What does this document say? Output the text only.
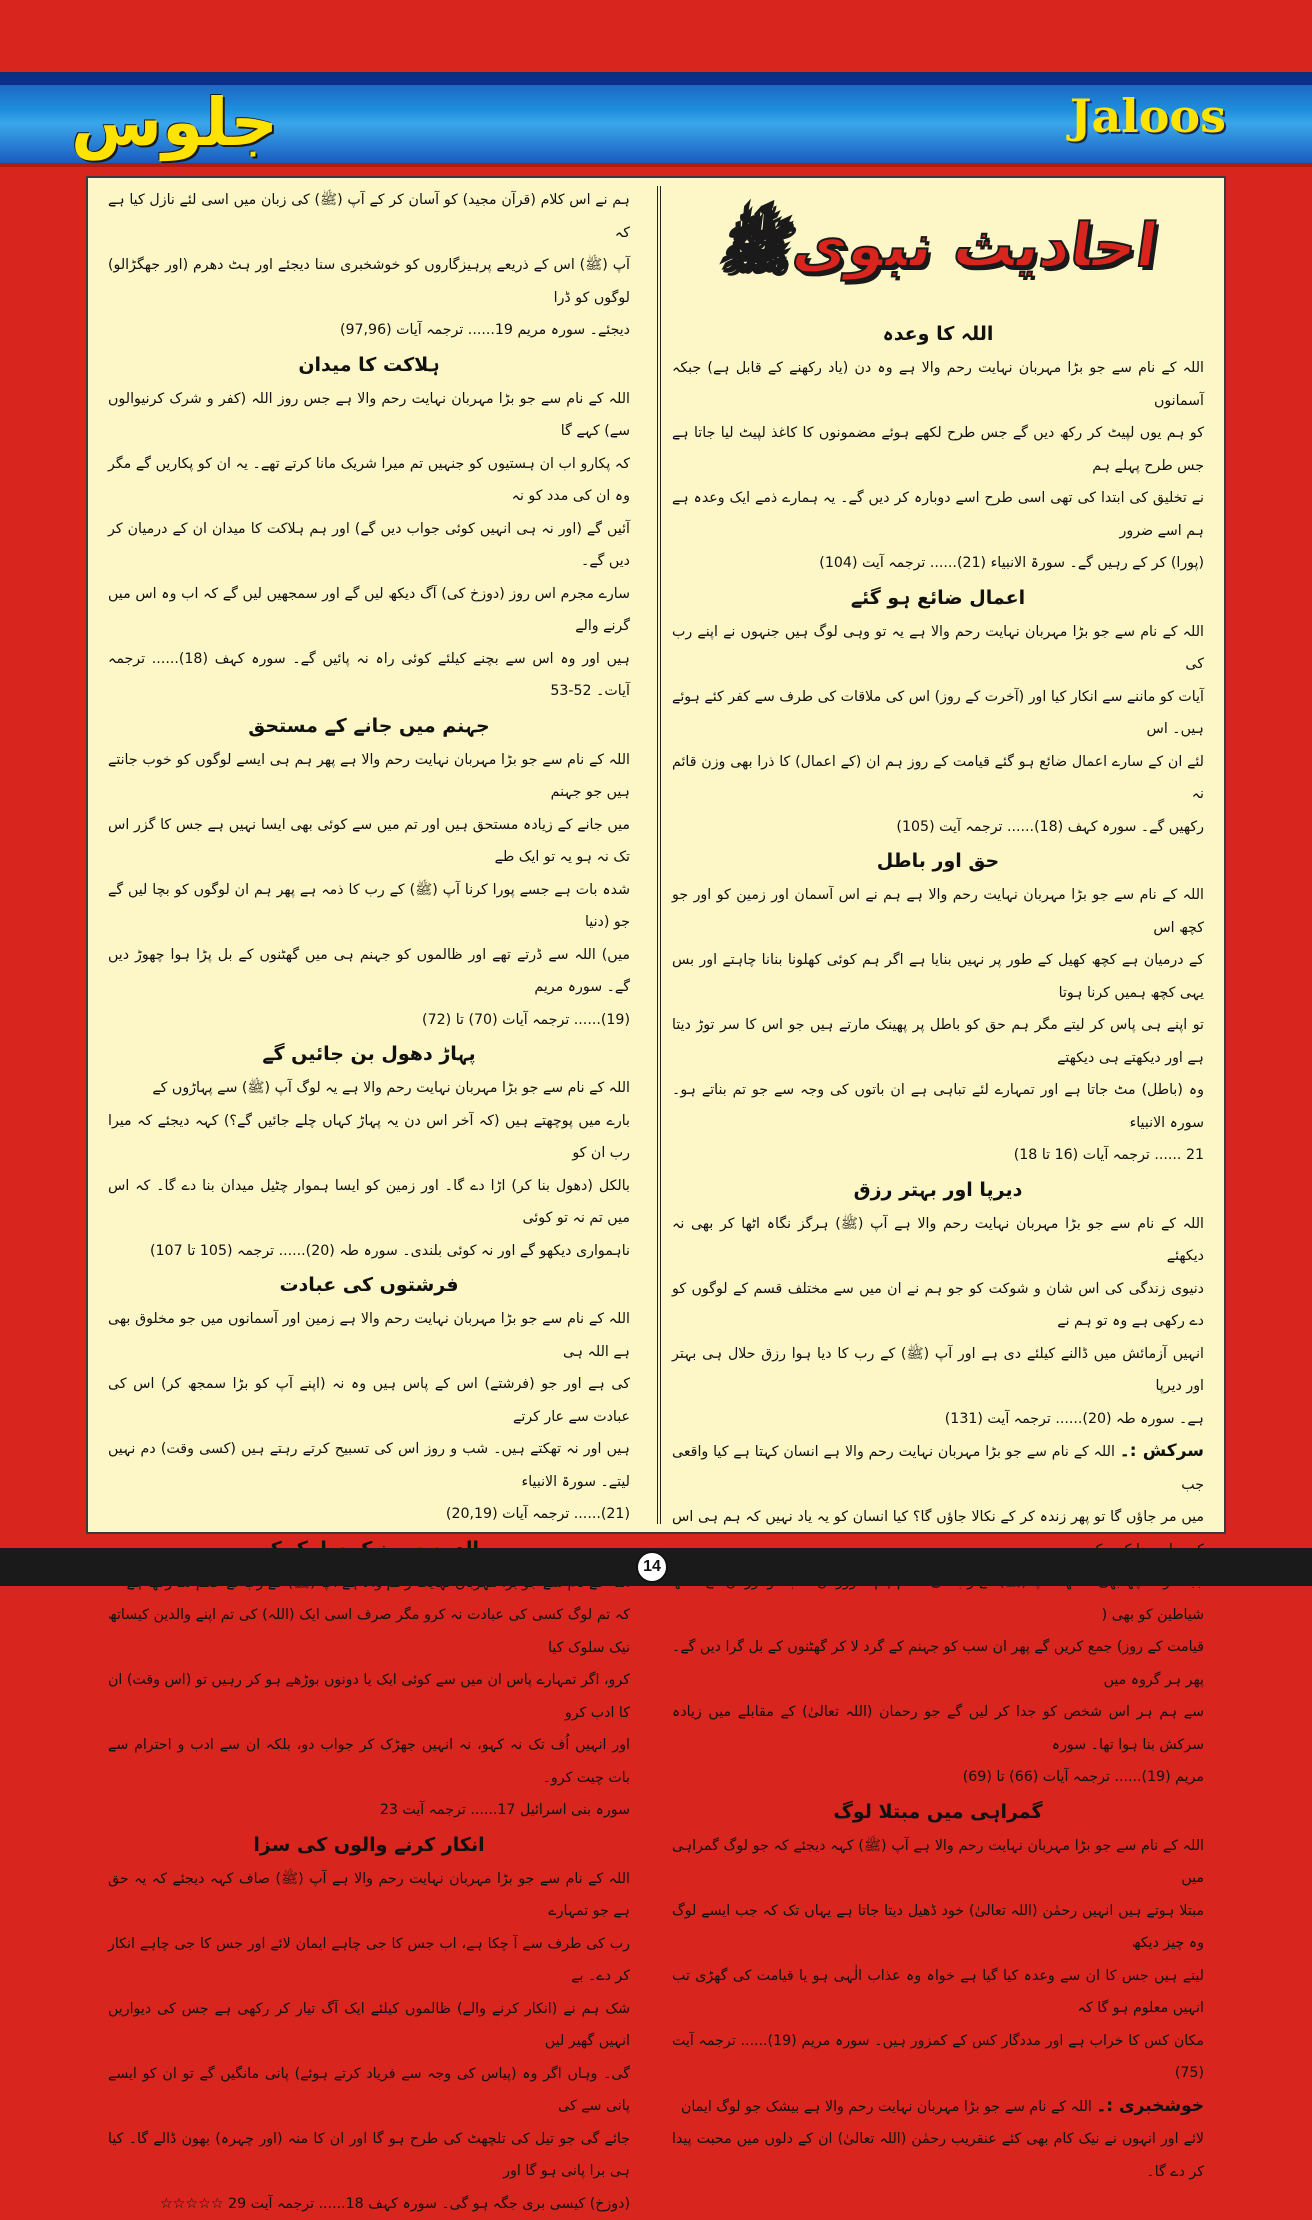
جلوس	Jaloos
احادیث نبویﷺ
اللہ کا وعدہ
اللہ کے نام سے جو بڑا مہربان نہایت رحم والا ہے وہ دن (یاد رکھنے کے قابل ہے) جبکہ آسمانوں
کو ہم یوں لپیٹ کر رکھ دیں گے جس طرح لکھے ہوئے مضمونوں کا کاغذ لپیٹ لیا جاتا ہے جس طرح پہلے ہم
نے تخلیق کی ابتدا کی تھی اسی طرح اسے دوبارہ کر دیں گے۔ یہ ہمارے ذمے ایک وعدہ ہے ہم اسے ضرور
(پورا) کر کے رہیں گے۔ سورۃ الانبیاء (21)...... ترجمہ آیت (104)
اعمال ضائع ہو گئے
اللہ کے نام سے جو بڑا مہربان نہایت رحم والا ہے یہ تو وہی لوگ ہیں جنہوں نے اپنے رب کی
آیات کو ماننے سے انکار کیا اور (آخرت کے روز) اس کی ملاقات کی طرف سے کفر کئے ہوئے ہیں۔ اس
لئے ان کے سارے اعمال ضائع ہو گئے قیامت کے روز ہم ان (کے اعمال) کا ذرا بھی وزن قائم نہ
رکھیں گے۔ سورہ کہف (18)...... ترجمہ آیت (105)
حق اور باطل
اللہ کے نام سے جو بڑا مہربان نہایت رحم والا ہے ہم نے اس آسمان اور زمین کو اور جو کچھ اس
کے درمیان ہے کچھ کھیل کے طور پر نہیں بنایا ہے اگر ہم کوئی کھلونا بنانا چاہتے اور بس یہی کچھ ہمیں کرنا ہوتا
تو اپنے ہی پاس کر لیتے مگر ہم حق کو باطل پر پھینک مارتے ہیں جو اس کا سر توڑ دیتا ہے اور دیکھتے ہی دیکھتے
وہ (باطل) مٹ جاتا ہے اور تمہارے لئے تباہی ہے ان باتوں کی وجہ سے جو تم بناتے ہو۔ سورہ الانبیاء
21 ...... ترجمہ آیات (16 تا 18)
دیرپا اور بہتر رزق
اللہ کے نام سے جو بڑا مہربان نہایت رحم والا ہے آپ (ﷺ) ہرگز نگاہ اٹھا کر بھی نہ دیکھئے
دنیوی زندگی کی اس شان و شوکت کو جو ہم نے ان میں سے مختلف قسم کے لوگوں کو دے رکھی ہے وہ تو ہم نے
انہیں آزمائش میں ڈالنے کیلئے دی ہے اور آپ (ﷺ) کے رب کا دیا ہوا رزق حلال ہی بہتر اور دیرپا
ہے۔ سورہ طہ (20)...... ترجمہ آیت (131)
سرکش :۔ اللہ کے نام سے جو بڑا مہربان نہایت رحم والا ہے انسان کہتا ہے کیا واقعی جب
میں مر جاؤں گا تو پھر زندہ کر کے نکالا جاؤں گا؟ کیا انسان کو یہ یاد نہیں کہ ہم ہی اس
شیاطین کو بھی (
قیامت کے روز) جمع کریں گے پھر ان سب کو جہنم کے گرد لا کر گھٹنوں کے بل گرا دیں گے۔ پھر ہر گروہ میں
سے ہم ہر اس شخص کو جدا کر لیں گے جو رحمان (اللہ تعالیٰ) کے مقابلے میں زیادہ سرکش بنا ہوا تھا۔ سورہ
مریم (19)...... ترجمہ آیات (66) تا (69)
گمراہی میں مبتلا لوگ
اللہ کے نام سے جو بڑا مہربان نہایت رحم والا ہے آپ (ﷺ) کہہ دیجئے کہ جو لوگ گمراہی میں
مبتلا ہوتے ہیں انہیں رحمٰن (اللہ تعالیٰ) خود ڈھیل دیتا جاتا ہے یہاں تک کہ جب ایسے لوگ وہ چیز دیکھ
لیتے ہیں جس کا ان سے وعدہ کیا گیا ہے خواہ وہ عذاب الٰہی ہو یا قیامت کی گھڑی تب انہیں معلوم ہو گا کہ
مکان کس کا خراب ہے اور مددگار کس کے کمزور ہیں۔ سورہ مریم (19)...... ترجمہ آیت (75)
خوشخبری :۔ اللہ کے نام سے جو بڑا مہربان نہایت رحم والا ہے بیشک جو لوگ ایمان
لائے اور انہوں نے نیک کام بھی کئے عنقریب رحمٰن (اللہ تعالیٰ) ان کے دلوں میں محبت پیدا کر دے گا۔
ہم نے اس کلام (قرآن مجید) کو آسان کر کے آپ (ﷺ) کی زبان میں اسی لئے نازل کیا ہے کہ
آپ (ﷺ) اس کے ذریعے پرہیزگاروں کو خوشخبری سنا دیجئے اور ہٹ دھرم (اور جھگڑالو) لوگوں کو ڈرا
دیجئے۔ سورہ مریم 19...... ترجمہ آیات (97,96)
ہلاکت کا میدان
اللہ کے نام سے جو بڑا مہربان نہایت رحم والا ہے جس روز اللہ (کفر و شرک کرنیوالوں سے) کہے گا
کہ پکارو اب ان ہستیوں کو جنہیں تم میرا شریک مانا کرتے تھے۔ یہ ان کو پکاریں گے مگر وہ ان کی مدد کو نہ
آئیں گے (اور نہ ہی انہیں کوئی جواب دیں گے) اور ہم ہلاکت کا میدان ان کے درمیان کر دیں گے۔
سارے مجرم اس روز (دوزخ کی) آگ دیکھ لیں گے اور سمجھیں لیں گے کہ اب وہ اس میں گرنے والے
ہیں اور وہ اس سے بچنے کیلئے کوئی راہ نہ پائیں گے۔ سورہ کہف (18)...... ترجمہ آیات۔ 52-53
جہنم میں جانے کے مستحق
اللہ کے نام سے جو بڑا مہربان نہایت رحم والا ہے پھر ہم ہی ایسے لوگوں کو خوب جانتے ہیں جو جہنم
میں جانے کے زیادہ مستحق ہیں اور تم میں سے کوئی بھی ایسا نہیں ہے جس کا گزر اس تک نہ ہو یہ تو ایک طے
شدہ بات ہے جسے پورا کرنا آپ (ﷺ) کے رب کا ذمہ ہے پھر ہم ان لوگوں کو بچا لیں گے جو (دنیا
میں) اللہ سے ڈرتے تھے اور ظالموں کو جہنم ہی میں گھٹنوں کے بل پڑا ہوا چھوڑ دیں گے۔ سورہ مریم
(19)...... ترجمہ آیات (70) تا (72)
پہاڑ دھول بن جائیں گے
اللہ کے نام سے جو بڑا مہربان نہایت رحم والا ہے یہ لوگ آپ (ﷺ) سے پہاڑوں کے
بارے میں پوچھتے ہیں (کہ آخر اس دن یہ پہاڑ کہاں چلے جائیں گے؟) کہہ دیجئے کہ میرا رب ان کو
بالکل (دھول بنا کر) اڑا دے گا۔ اور زمین کو ایسا ہموار چٹیل میدان بنا دے گا۔ کہ اس میں تم نہ تو کوئی
ناہمواری دیکھو گے اور نہ کوئی بلندی۔ سورہ طہ (20)...... ترجمہ (105 تا 107)
فرشتوں کی عبادت
اللہ کے نام سے جو بڑا مہربان نہایت رحم والا ہے زمین اور آسمانوں میں جو مخلوق بھی ہے اللہ ہی
کی ہے اور جو (فرشتے) اس کے پاس ہیں وہ نہ (اپنے آپ کو بڑا سمجھ کر) اس کی عبادت سے عار کرتے
ہیں اور نہ تھکتے ہیں۔ شب و روز اس کی تسبیح کرتے رہتے ہیں (کسی وقت) دم نہیں لیتے۔ سورۃ الانبیاء
(21)...... ترجمہ آیات (20,19)
کہ تم لوگ کسی کی عبادت نہ کرو مگر صرف اسی ایک (اللہ) کی تم اپنے والدین کیساتھ نیک سلوک کیا
کرو، اگر تمہارے پاس ان میں سے کوئی ایک یا دونوں بوڑھے ہو کر رہیں تو (اس وقت) ان کا ادب کرو
اور انہیں اُف تک نہ کہو، نہ انہیں جھڑک کر جواب دو، بلکہ ان سے ادب و احترام سے بات چیت کرو۔
سورہ بنی اسرائیل 17...... ترجمہ آیت 23
انکار کرنے والوں کی سزا
اللہ کے نام سے جو بڑا مہربان نہایت رحم والا ہے آپ (ﷺ) صاف کہہ دیجئے کہ یہ حق ہے جو تمہارے
رب کی طرف سے آ چکا ہے، اب جس کا جی چاہے ایمان لائے اور جس کا جی چاہے انکار کر دے۔ بے
شک ہم نے (انکار کرنے والے) ظالموں کیلئے ایک آگ تیار کر رکھی ہے جس کی دیواریں انہیں گھیر لیں
گی۔ وہاں اگر وہ (پیاس کی وجہ سے فریاد کرتے ہوئے) پانی مانگیں گے تو ان کو ایسے پانی سے کی
جائے گی جو تیل کی تلچھٹ کی طرح ہو گا اور ان کا منہ (اور چہرہ) بھون ڈالے گا۔ کیا ہی برا پانی ہو گا اور
(دوزخ) کیسی بری جگہ ہو گی۔ سورہ کہف 18...... ترجمہ آیت 29 ☆☆☆☆☆
14
